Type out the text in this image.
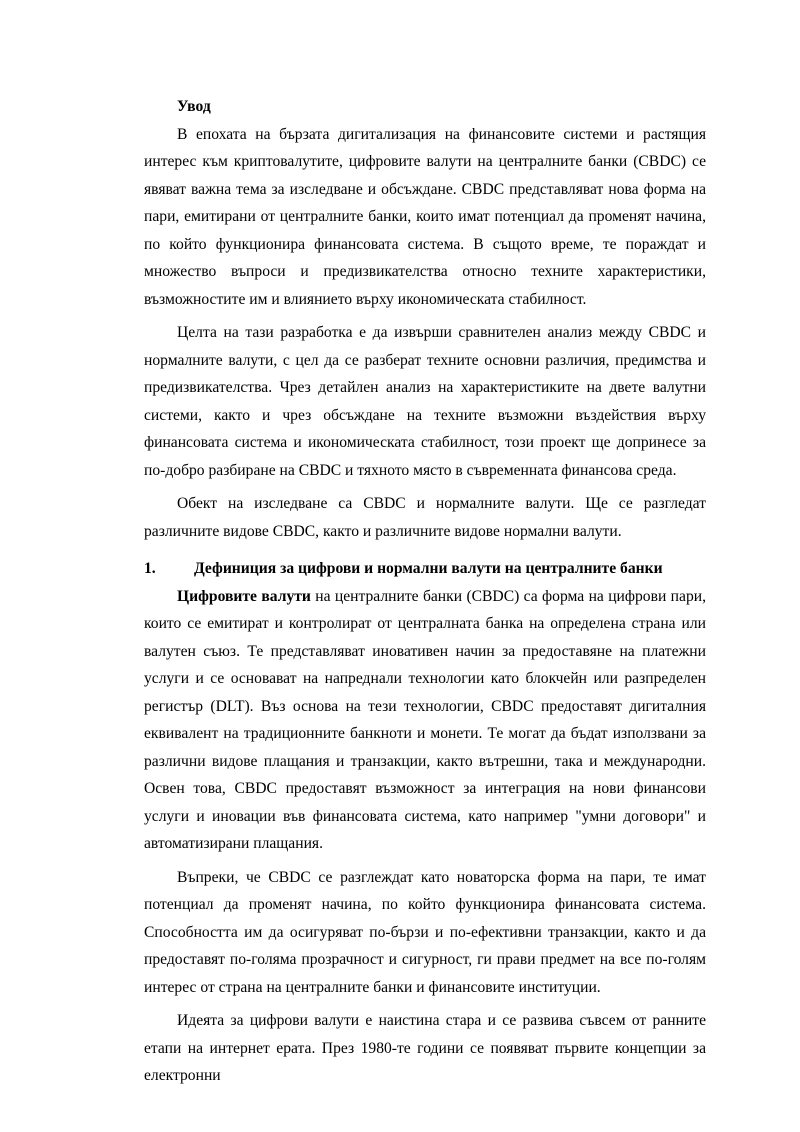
Увод

В епохата на бързата дигитализация на финансовите системи и растящия интерес към криптовалутите, цифровите валути на централните банки (CBDC) се явяват важна тема за изследване и обсъждане. CBDC представляват нова форма на пари, емитирани от централните банки, които имат потенциал да променят начина, по който функционира финансовата система. В същото време, те пораждат и множество въпроси и предизвикателства относно техните характеристики, възможностите им и влиянието върху икономическата стабилност.

Целта на тази разработка е да извърши сравнителен анализ между CBDC и нормалните валути, с цел да се разберат техните основни различия, предимства и предизвикателства. Чрез детайлен анализ на характеристиките на двете валутни системи, както и чрез обсъждане на техните възможни въздействия върху финансовата система и икономическата стабилност, този проект ще допринесе за по-добро разбиране на CBDC и тяхното място в съвременната финансова среда.

Обект на изследване са CBDC и нормалните валути. Ще се разгледат различните видове CBDC, както и различните видове нормални валути.

1.	Дефиниция за цифрови и нормални валути на централните банки

Цифровите валути на централните банки (CBDC) са форма на цифрови пари, които се емитират и контролират от централната банка на определена страна или валутен съюз. Те представляват иновативен начин за предоставяне на платежни услуги и се основават на напреднали технологии като блокчейн или разпределен регистър (DLT). Въз основа на тези технологии, CBDC предоставят дигиталния еквивалент на традиционните банкноти и монети. Те могат да бъдат използвани за различни видове плащания и транзакции, както вътрешни, така и международни. Освен това, CBDC предоставят възможност за интеграция на нови финансови услуги и иновации във финансовата система, като например "умни договори" и автоматизирани плащания.

Въпреки, че CBDC се разглеждат като новаторска форма на пари, те имат потенциал да променят начина, по който функционира финансовата система. Способността им да осигуряват по-бързи и по-ефективни транзакции, както и да предоставят по-голяма прозрачност и сигурност, ги прави предмет на все по-голям интерес от страна на централните банки и финансовите институции.

Идеята за цифрови валути е наистина стара и се развива съвсем от ранните етапи на интернет ерата. През 1980-те години се появяват първите концепции за електронни
